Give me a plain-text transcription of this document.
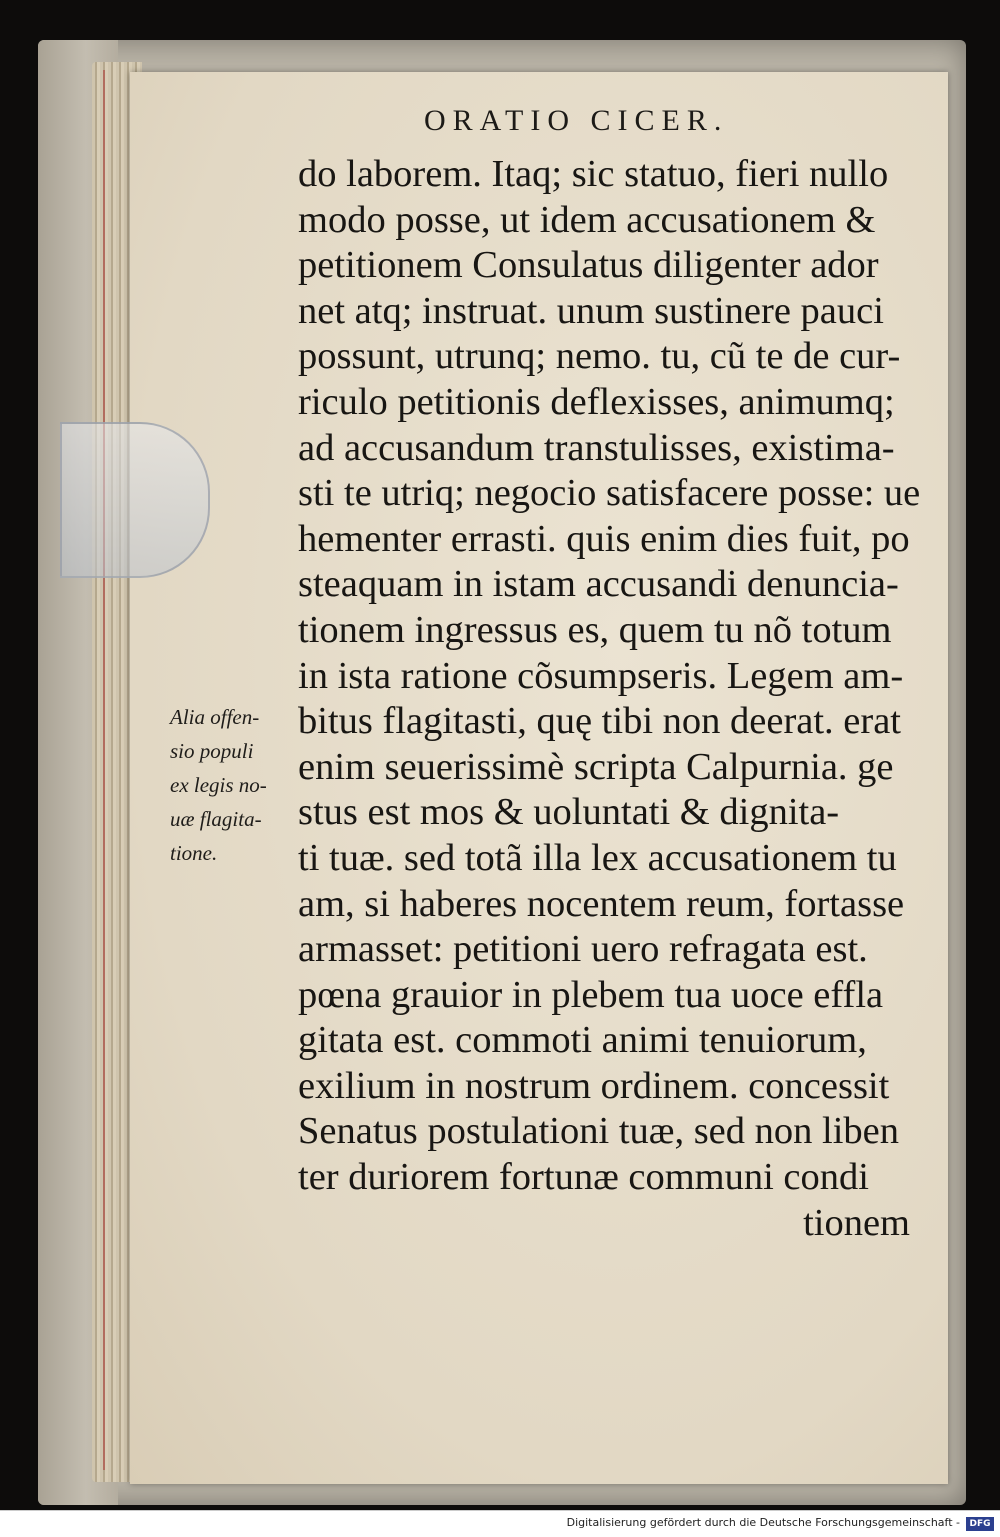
ORATIO CICER.
do laborem. Itaq; sic statuo, fieri nullo
modo posse, ut idem accusationem &
petitionem Consulatus diligenter ador
net atq; instruat. unum sustinere pauci
possunt, utrunq; nemo. tu, cũ te de cur-
riculo petitionis deflexisses, animumq;
ad accusandum transtulisses, existima-
sti te utriq; negocio satisfacere posse: ue
hementer errasti. quis enim dies fuit, po
steaquam in istam accusandi denuncia-
tionem ingressus es, quem tu nõ totum
in ista ratione cõsumpseris. Legem am-
bitus flagitasti, quę tibi non deerat. erat
enim seuerissimè scripta Calpurnia. ge
stus est mos & uoluntati & dignita-
ti tuæ. sed totã illa lex accusationem tu
am, si haberes nocentem reum, fortasse
armasset: petitioni uero refragata est.
pœna grauior in plebem tua uoce effla
gitata est. commoti animi tenuiorum,
exilium in nostrum ordinem. concessit
Senatus postulationi tuæ, sed non liben
ter duriorem fortunæ communi condi
tionem
Alia offen-
sio populi
ex legis no-
uæ flagita-
tione.
Digitalisierung gefördert durch die Deutsche Forschungsgemeinschaft -	DFG
